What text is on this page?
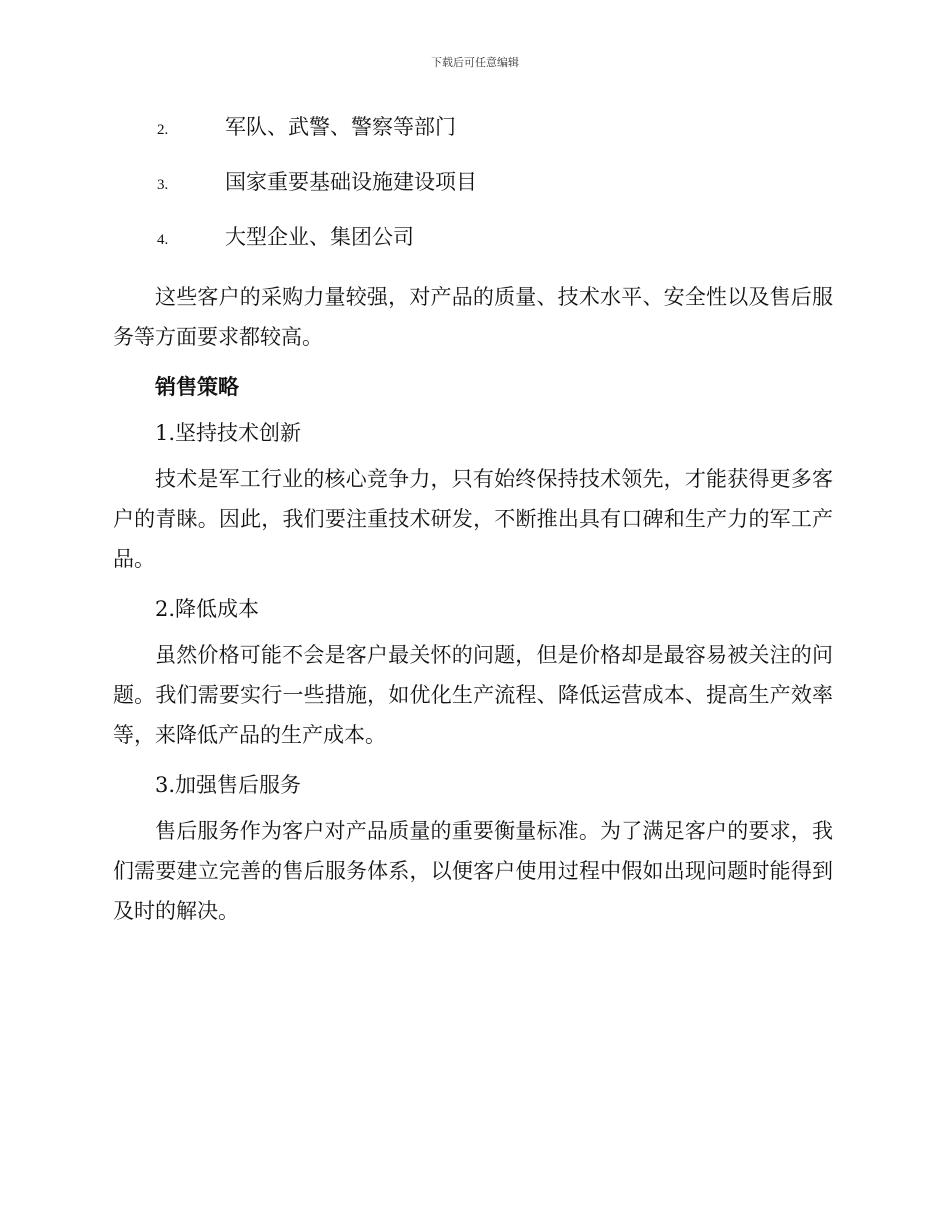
下载后可任意编辑
2.	军队、武警、警察等部门
3.	国家重要基础设施建设项目
4.	大型企业、集团公司

这些客户的采购力量较强，对产品的质量、技术水平、安全性以及售后服务等方面要求都较高。

销售策略
1.坚持技术创新

技术是军工行业的核心竞争力，只有始终保持技术领先，才能获得更多客户的青睐。因此，我们要注重技术研发，不断推出具有口碑和生产力的军工产品。

2.降低成本

虽然价格可能不会是客户最关怀的问题，但是价格却是最容易被关注的问题。我们需要实行一些措施，如优化生产流程、降低运营成本、提高生产效率等，来降低产品的生产成本。

3.加强售后服务

售后服务作为客户对产品质量的重要衡量标准。为了满足客户的要求，我们需要建立完善的售后服务体系，以便客户使用过程中假如出现问题时能得到及时的解决。
